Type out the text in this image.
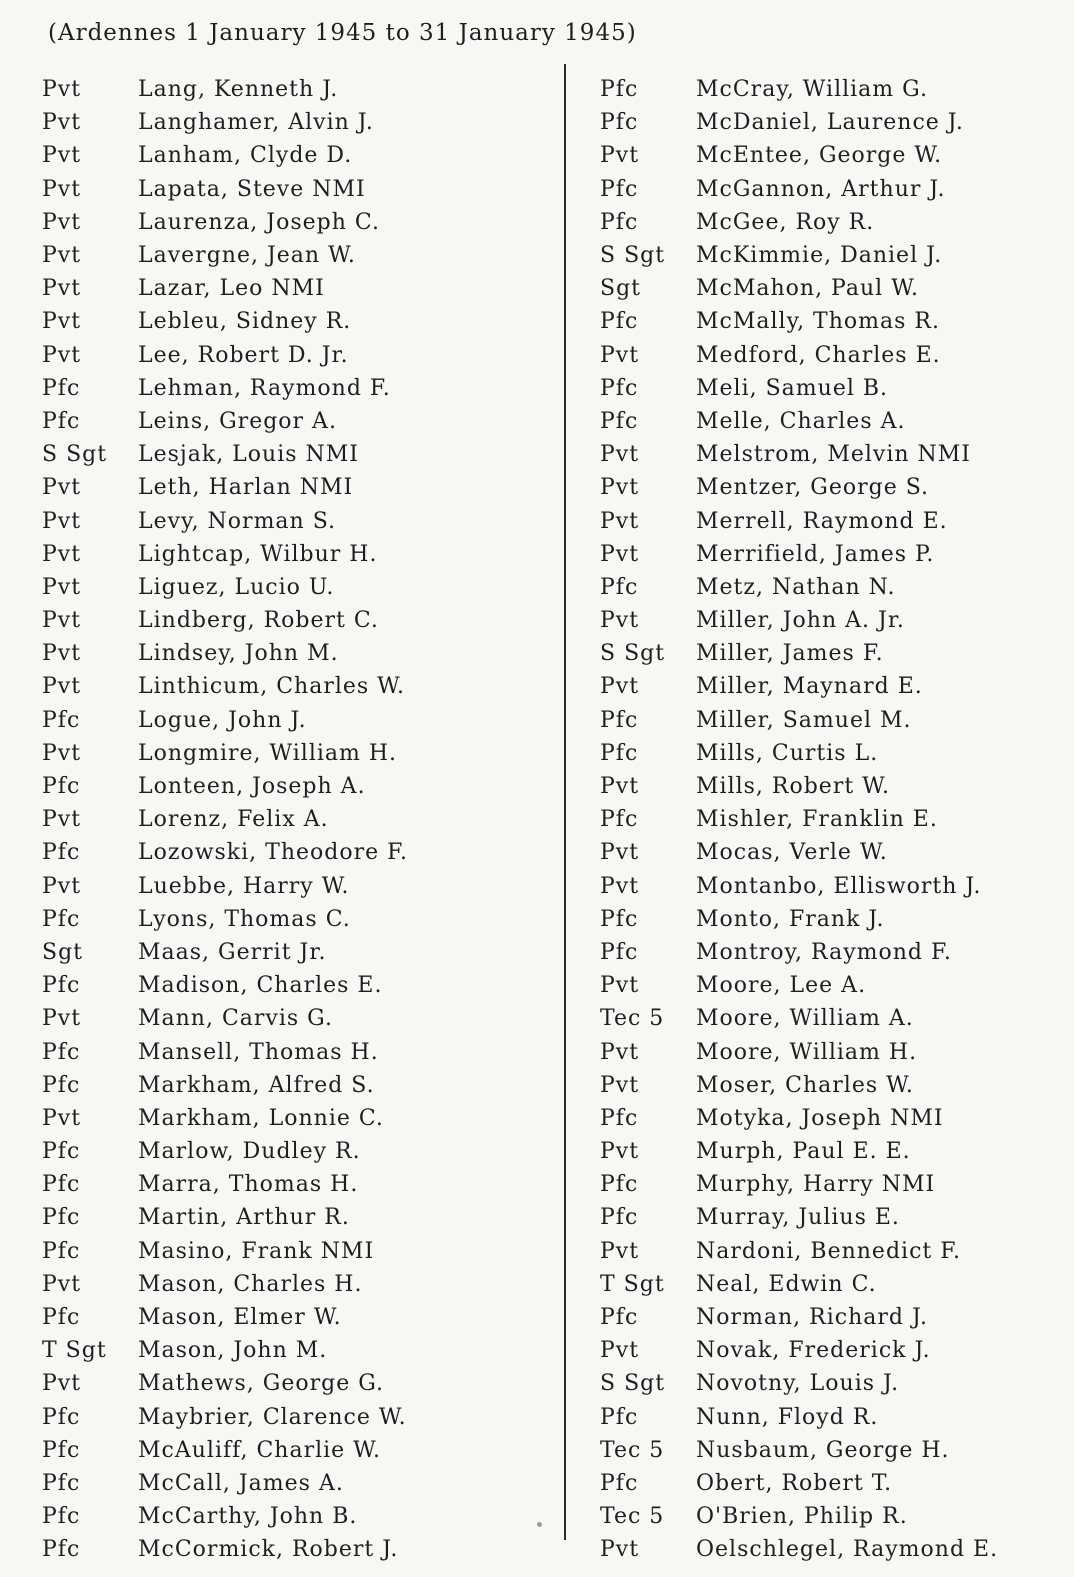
(Ardennes 1 January 1945 to 31 January 1945)
Pvt	Lang, Kenneth J.
Pvt	Langhamer, Alvin J.
Pvt	Lanham, Clyde D.
Pvt	Lapata, Steve NMI
Pvt	Laurenza, Joseph C.
Pvt	Lavergne, Jean W.
Pvt	Lazar, Leo NMI
Pvt	Lebleu, Sidney R.
Pvt	Lee, Robert D. Jr.
Pfc	Lehman, Raymond F.
Pfc	Leins, Gregor A.
S Sgt	Lesjak, Louis NMI
Pvt	Leth, Harlan NMI
Pvt	Levy, Norman S.
Pvt	Lightcap, Wilbur H.
Pvt	Liguez, Lucio U.
Pvt	Lindberg, Robert C.
Pvt	Lindsey, John M.
Pvt	Linthicum, Charles W.
Pfc	Logue, John J.
Pvt	Longmire, William H.
Pfc	Lonteen, Joseph A.
Pvt	Lorenz, Felix A.
Pfc	Lozowski, Theodore F.
Pvt	Luebbe, Harry W.
Pfc	Lyons, Thomas C.
Sgt	Maas, Gerrit Jr.
Pfc	Madison, Charles E.
Pvt	Mann, Carvis G.
Pfc	Mansell, Thomas H.
Pfc	Markham, Alfred S.
Pvt	Markham, Lonnie C.
Pfc	Marlow, Dudley R.
Pfc	Marra, Thomas H.
Pfc	Martin, Arthur R.
Pfc	Masino, Frank NMI
Pvt	Mason, Charles H.
Pfc	Mason, Elmer W.
T Sgt	Mason, John M.
Pvt	Mathews, George G.
Pfc	Maybrier, Clarence W.
Pfc	McAuliff, Charlie W.
Pfc	McCall, James A.
Pfc	McCarthy, John B.
Pfc	McCormick, Robert J.
Pfc	McCray, William G.
Pfc	McDaniel, Laurence J.
Pvt	McEntee, George W.
Pfc	McGannon, Arthur J.
Pfc	McGee, Roy R.
S Sgt	McKimmie, Daniel J.
Sgt	McMahon, Paul W.
Pfc	McMally, Thomas R.
Pvt	Medford, Charles E.
Pfc	Meli, Samuel B.
Pfc	Melle, Charles A.
Pvt	Melstrom, Melvin NMI
Pvt	Mentzer, George S.
Pvt	Merrell, Raymond E.
Pvt	Merrifield, James P.
Pfc	Metz, Nathan N.
Pvt	Miller, John A. Jr.
S Sgt	Miller, James F.
Pvt	Miller, Maynard E.
Pfc	Miller, Samuel M.
Pfc	Mills, Curtis L.
Pvt	Mills, Robert W.
Pfc	Mishler, Franklin E.
Pvt	Mocas, Verle W.
Pvt	Montanbo, Ellisworth J.
Pfc	Monto, Frank J.
Pfc	Montroy, Raymond F.
Pvt	Moore, Lee A.
Tec 5	Moore, William A.
Pvt	Moore, William H.
Pvt	Moser, Charles W.
Pfc	Motyka, Joseph NMI
Pvt	Murph, Paul E. E.
Pfc	Murphy, Harry NMI
Pfc	Murray, Julius E.
Pvt	Nardoni, Bennedict F.
T Sgt	Neal, Edwin C.
Pfc	Norman, Richard J.
Pvt	Novak, Frederick J.
S Sgt	Novotny, Louis J.
Pfc	Nunn, Floyd R.
Tec 5	Nusbaum, George H.
Pfc	Obert, Robert T.
Tec 5	O'Brien, Philip R.
Pvt	Oelschlegel, Raymond E.
